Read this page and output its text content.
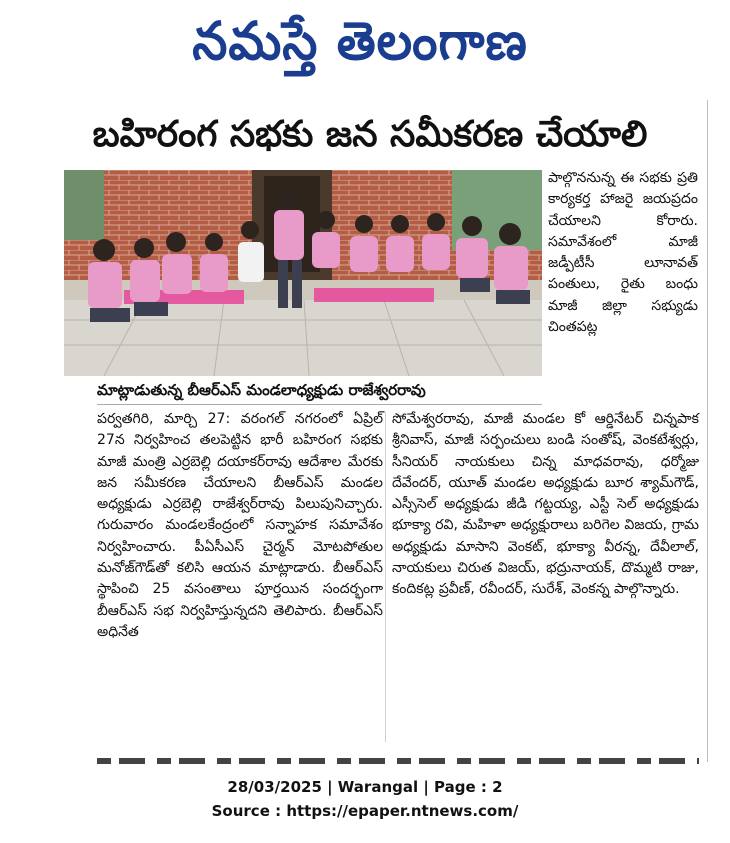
నమస్తే తెలంగాణ
బహిరంగ సభకు జన సమీకరణ చేయాలి
మాట్లాడుతున్న బీఆర్ఎస్ మండలాధ్యక్షుడు రాజేశ్వరరావు
పాల్గొననున్న ఈ సభకు ప్రతి కార్యకర్త హాజరై జయప్రదం చేయాలని కోరారు. సమావేశంలో మాజీ జడ్పీటీసీ లూనావత్ పంతులు, రైతు బంధు మాజీ జిల్లా సభ్యుడు చింతపట్ల
పర్వతగిరి, మార్చి 27: వరంగల్ నగరంలో ఏప్రిల్ 27న నిర్వహించ తలపెట్టిన భారీ బహిరంగ సభకు మాజీ మంత్రి ఎర్రబెల్లి దయాకర్‌రావు ఆదేశాల మేరకు జన సమీకరణ చేయాలని బీఆర్ఎస్ మండల అధ్యక్షుడు ఎర్రబెల్లి రాజేశ్వర్‌రావు పిలుపునిచ్చారు. గురువారం మండలకేంద్రంలో సన్నాహక సమావేశం నిర్వహించారు. పీఏసీఎస్ చైర్మన్ మోటపోతుల మనోజ్‌గౌడ్‌తో కలిసి ఆయన మాట్లాడారు. బీఆర్ఎస్ స్థాపించి 25 వసంతాలు పూర్తయిన సందర్భంగా బీఆర్ఎస్ సభ నిర్వహిస్తున్నదని తెలిపారు. బీఆర్ఎస్ అధినేత
సోమేశ్వరరావు, మాజీ మండల కో ఆర్డినేటర్ చిన్నపాక శ్రీనివాస్, మాజీ సర్పంచులు బండి సంతోష్, వెంకటేశ్వర్లు, సీనియర్ నాయకులు చిన్న మాధవరావు, ధర్మోజు దేవేందర్, యూత్ మండల అధ్యక్షుడు బూర శ్యామ్‌గౌడ్, ఎస్సీసెల్ అధ్యక్షుడు జీడి గట్టయ్య, ఎస్టీ సెల్ అధ్యక్షుడు భూక్యా రవి, మహిళా అధ్యక్షురాలు బరిగెల విజయ, గ్రామ అధ్యక్షుడు మాసాని వెంకట్, భూక్యా వీరన్న, దేవీలాల్, నాయకులు చిరుత విజయ్, భద్రునాయక్, దొమ్మటి రాజు, కందికట్ల ప్రవీణ్, రవీందర్, సురేశ్, వెంకన్న పాల్గొన్నారు.
28/03/2025 | Warangal | Page : 2
Source : https://epaper.ntnews.com/
